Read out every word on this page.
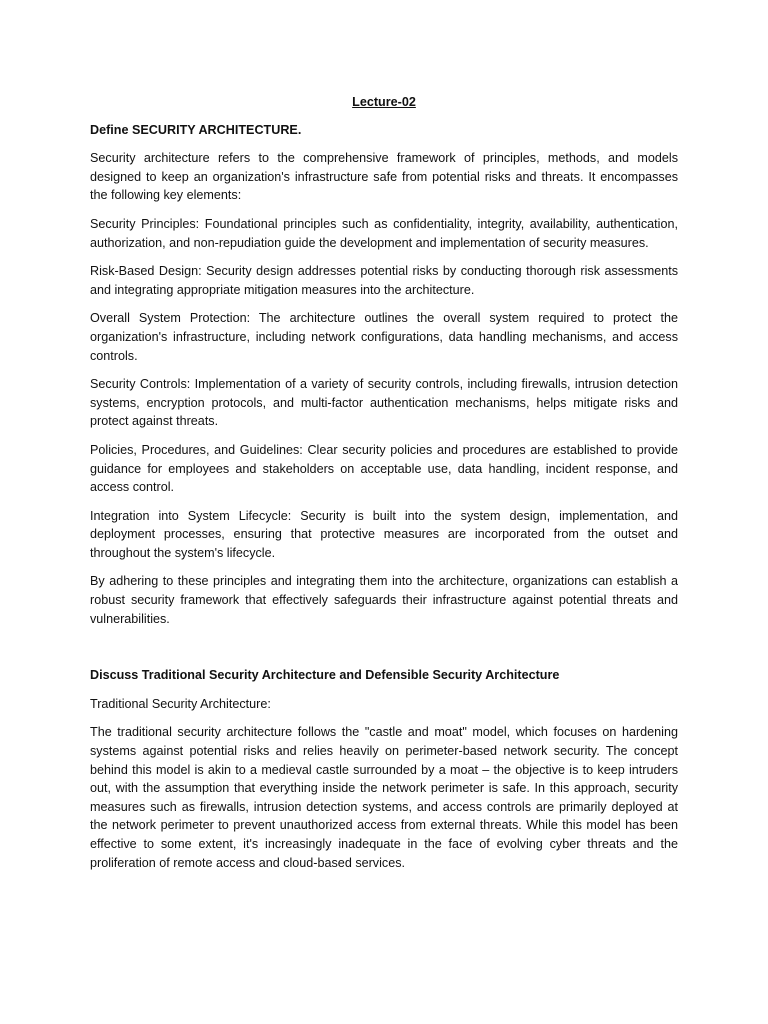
Lecture-02
Define SECURITY ARCHITECTURE.

Security architecture refers to the comprehensive framework of principles, methods, and models designed to keep an organization's infrastructure safe from potential risks and threats. It encompasses the following key elements:

Security Principles: Foundational principles such as confidentiality, integrity, availability, authentication, authorization, and non-repudiation guide the development and implementation of security measures.

Risk-Based Design: Security design addresses potential risks by conducting thorough risk assessments and integrating appropriate mitigation measures into the architecture.

Overall System Protection: The architecture outlines the overall system required to protect the organization's infrastructure, including network configurations, data handling mechanisms, and access controls.

Security Controls: Implementation of a variety of security controls, including firewalls, intrusion detection systems, encryption protocols, and multi-factor authentication mechanisms, helps mitigate risks and protect against threats.

Policies, Procedures, and Guidelines: Clear security policies and procedures are established to provide guidance for employees and stakeholders on acceptable use, data handling, incident response, and access control.

Integration into System Lifecycle: Security is built into the system design, implementation, and deployment processes, ensuring that protective measures are incorporated from the outset and throughout the system's lifecycle.

By adhering to these principles and integrating them into the architecture, organizations can establish a robust security framework that effectively safeguards their infrastructure against potential threats and vulnerabilities.

Discuss Traditional Security Architecture and Defensible Security Architecture

Traditional Security Architecture:

The traditional security architecture follows the "castle and moat" model, which focuses on hardening systems against potential risks and relies heavily on perimeter-based network security. The concept behind this model is akin to a medieval castle surrounded by a moat – the objective is to keep intruders out, with the assumption that everything inside the network perimeter is safe. In this approach, security measures such as firewalls, intrusion detection systems, and access controls are primarily deployed at the network perimeter to prevent unauthorized access from external threats. While this model has been effective to some extent, it's increasingly inadequate in the face of evolving cyber threats and the proliferation of remote access and cloud-based services.
